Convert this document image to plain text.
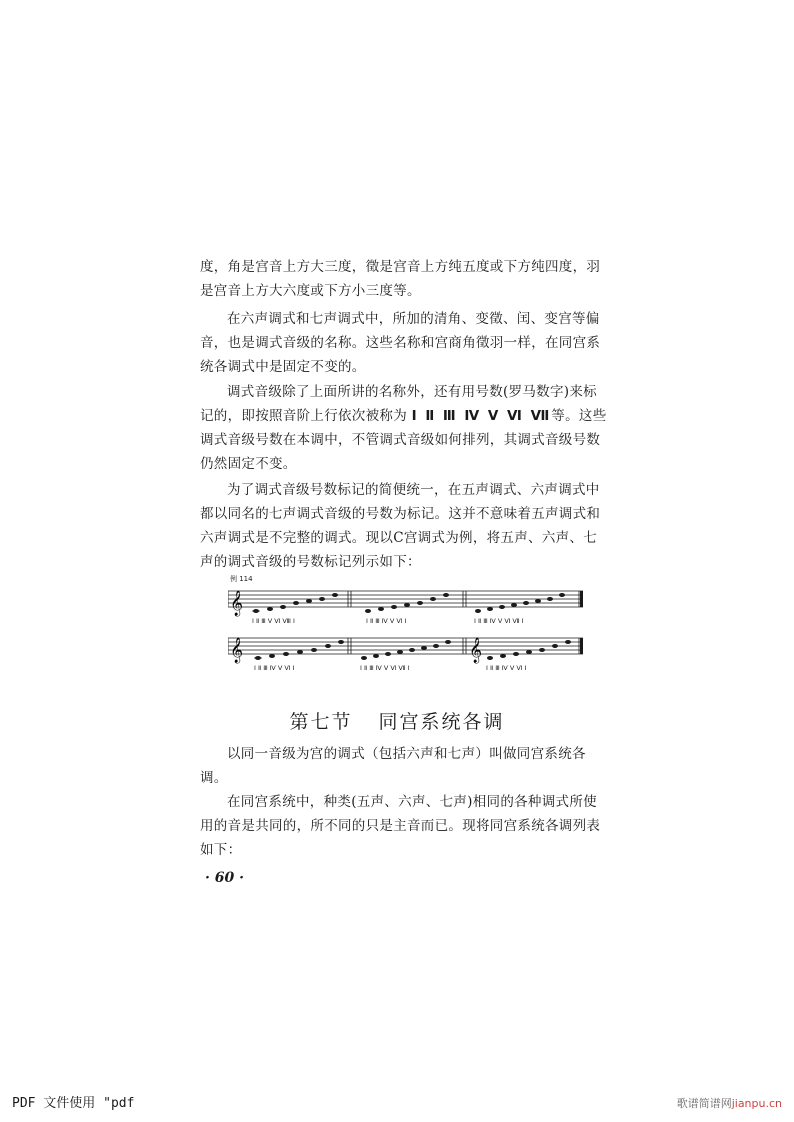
度，角是宫音上方大三度，徵是宫音上方纯五度或下方纯四度，羽是宫音上方大六度或下方小三度等。
在六声调式和七声调式中，所加的清角、变徵、闰、变宫等偏音，也是调式音级的名称。这些名称和宫商角徵羽一样，在同宫系统各调式中是固定不变的。
调式音级除了上面所讲的名称外，还有用号数(罗马数字)来标记的，即按照音阶上行依次被称为 Ⅰ Ⅱ Ⅲ Ⅳ Ⅴ Ⅵ Ⅶ等。这些调式音级号数在本调中，不管调式音级如何排列，其调式音级号数仍然固定不变。
为了调式音级号数标记的简便统一，在五声调式、六声调式中都以同名的七声调式音级的号数为标记。这并不意味着五声调式和六声调式是不完整的调式。现以C宫调式为例，将五声、六声、七声的调式音级的号数标记列示如下：
例 114
𝄞
Ⅰ Ⅱ Ⅲ Ⅴ Ⅵ Ⅷ Ⅰ	Ⅰ Ⅱ Ⅲ Ⅳ Ⅴ Ⅵ Ⅰ	Ⅰ Ⅱ Ⅲ Ⅳ Ⅴ Ⅵ Ⅶ Ⅰ
𝄞	𝄞
Ⅰ Ⅱ Ⅲ Ⅳ Ⅴ Ⅵ Ⅰ	Ⅰ Ⅱ Ⅲ Ⅳ Ⅴ Ⅵ Ⅶ Ⅰ	Ⅰ Ⅱ Ⅲ Ⅳ Ⅴ Ⅵ Ⅰ
第七节 同宫系统各调
以同一音级为宫的调式（包括六声和七声）叫做同宫系统各调。
在同宫系统中，种类(五声、六声、七声)相同的各种调式所使用的音是共同的，所不同的只是主音而已。现将同宫系统各调列表如下：
· 60 ·
PDF 文件使用 "pdf	歌谱简谱网jianpu.cn
